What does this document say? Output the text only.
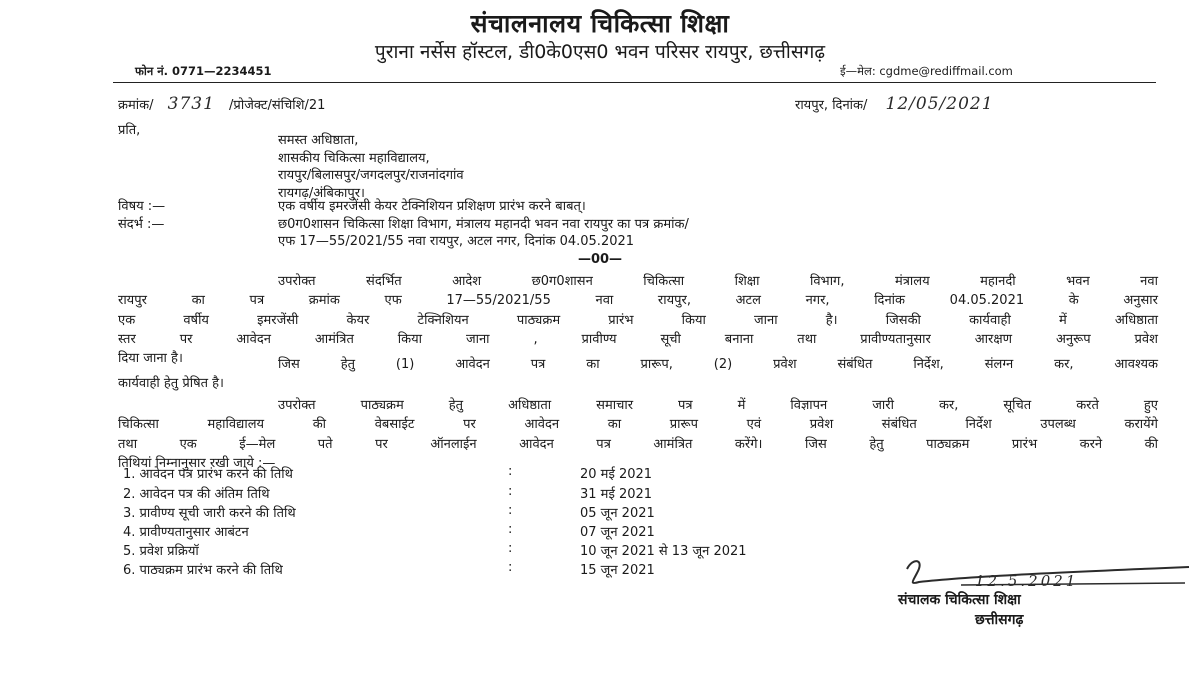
संचालनालय चिकित्सा शिक्षा
पुराना नर्सेस हॉस्टल, डी0के0एस0 भवन परिसर रायपुर, छत्तीसगढ़
फोन नं. 0771—2234451	ई—मेल: cgdme@rediffmail.com
क्रमांक/ 3731 /प्रोजेक्ट/संचिशि/21	रायपुर, दिनांक/ 12/05/2021
प्रति,
समस्त अधिष्ठाता,
शासकीय चिकित्सा महाविद्यालय,
रायपुर/बिलासपुर/जगदलपुर/राजनांदगांव
रायगढ़/अंबिकापुर।
विषय :—	एक वर्षीय इमरजेंसी केयर टेक्निशियन प्रशिक्षण प्रारंभ करने बाबत्।
संदर्भ :—	छ0ग0शासन चिकित्सा शिक्षा विभाग, मंत्रालय महानदी भवन नवा रायपुर का पत्र क्रमांक/
एफ 17—55/2021/55 नवा रायपुर, अटल नगर, दिनांक 04.05.2021
—00—
उपरोक्त संदर्भित आदेश छ0ग0शासन चिकित्सा शिक्षा विभाग, मंत्रालय महानदी भवन नवा
रायपुर का पत्र क्रमांक एफ 17—55/2021/55 नवा रायपुर, अटल नगर, दिनांक 04.05.2021 के अनुसार
एक वर्षीय इमरजेंसी केयर टेक्निशियन पाठ्यक्रम प्रारंभ किया जाना है। जिसकी कार्यवाही में अधिष्ठाता
स्तर पर आवेदन आमंत्रित किया जाना , प्रावीण्य सूची बनाना तथा प्रावीण्यतानुसार आरक्षण अनुरूप प्रवेश
दिया जाना है।	जिस हेतु (1) आवेदन पत्र का प्रारूप, (2) प्रवेश संबंधित निर्देश, संलग्न कर, आवश्यक
कार्यवाही हेतु प्रेषित है।
उपरोक्त पाठ्यक्रम हेतु अधिष्ठाता समाचार पत्र में विज्ञापन जारी कर, सूचित करते हुए
चिकित्सा महाविद्यालय की वेबसाईट पर आवेदन का प्रारूप एवं प्रवेश संबंधित निर्देश उपलब्ध करायेंगे
तथा एक ई—मेल पते पर ऑनलाईन आवेदन पत्र आमंत्रित करेंगे। जिस हेतु पाठ्यक्रम प्रारंभ करने की
तिथियां निम्नानुसार रखी जाये :—
1. आवेदन पत्र प्रारंभ करने की तिथि	:	20 मई 2021
2. आवेदन पत्र की अंतिम तिथि	:	31 मई 2021
3. प्रावीण्य सूची जारी करने की तिथि	:	05 जून 2021
4. प्रावीण्यतानुसार आबंटन	:	07 जून 2021
5. प्रवेश प्रक्रियॉ	:	10 जून 2021 से 13 जून 2021
6. पाठ्यक्रम प्रारंभ करने की तिथि	:	15 जून 2021
12.5.2021
संचालक चिकित्सा शिक्षा
छत्तीसगढ़
